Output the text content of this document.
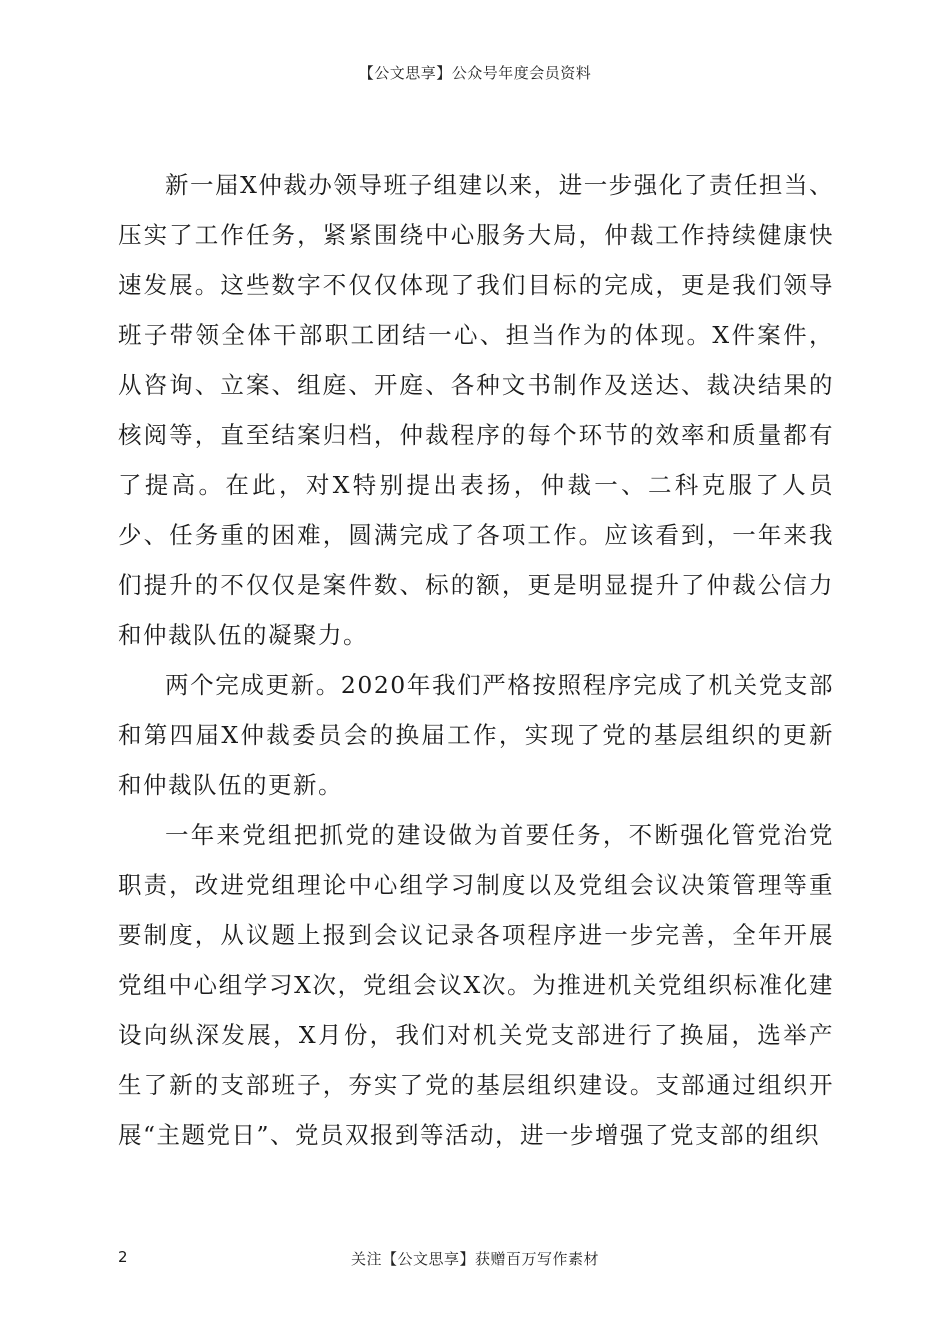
【公文思享】公众号年度会员资料

新一届X仲裁办领导班子组建以来，进一步强化了责任担当、压实了工作任务，紧紧围绕中心服务大局，仲裁工作持续健康快速发展。这些数字不仅仅体现了我们目标的完成，更是我们领导班子带领全体干部职工团结一心、担当作为的体现。X件案件，从咨询、立案、组庭、开庭、各种文书制作及送达、裁决结果的核阅等，直至结案归档，仲裁程序的每个环节的效率和质量都有了提高。在此，对X特别提出表扬，仲裁一、二科克服了人员少、任务重的困难，圆满完成了各项工作。应该看到，一年来我们提升的不仅仅是案件数、标的额，更是明显提升了仲裁公信力和仲裁队伍的凝聚力。

两个完成更新。2020年我们严格按照程序完成了机关党支部和第四届X仲裁委员会的换届工作，实现了党的基层组织的更新和仲裁队伍的更新。

一年来党组把抓党的建设做为首要任务，不断强化管党治党职责，改进党组理论中心组学习制度以及党组会议决策管理等重要制度，从议题上报到会议记录各项程序进一步完善，全年开展党组中心组学习X次，党组会议X次。为推进机关党组织标准化建设向纵深发展，X月份，我们对机关党支部进行了换届，选举产生了新的支部班子，夯实了党的基层组织建设。支部通过组织开展“主题党日”、党员双报到等活动，进一步增强了党支部的组织

2	关注【公文思享】获赠百万写作素材
